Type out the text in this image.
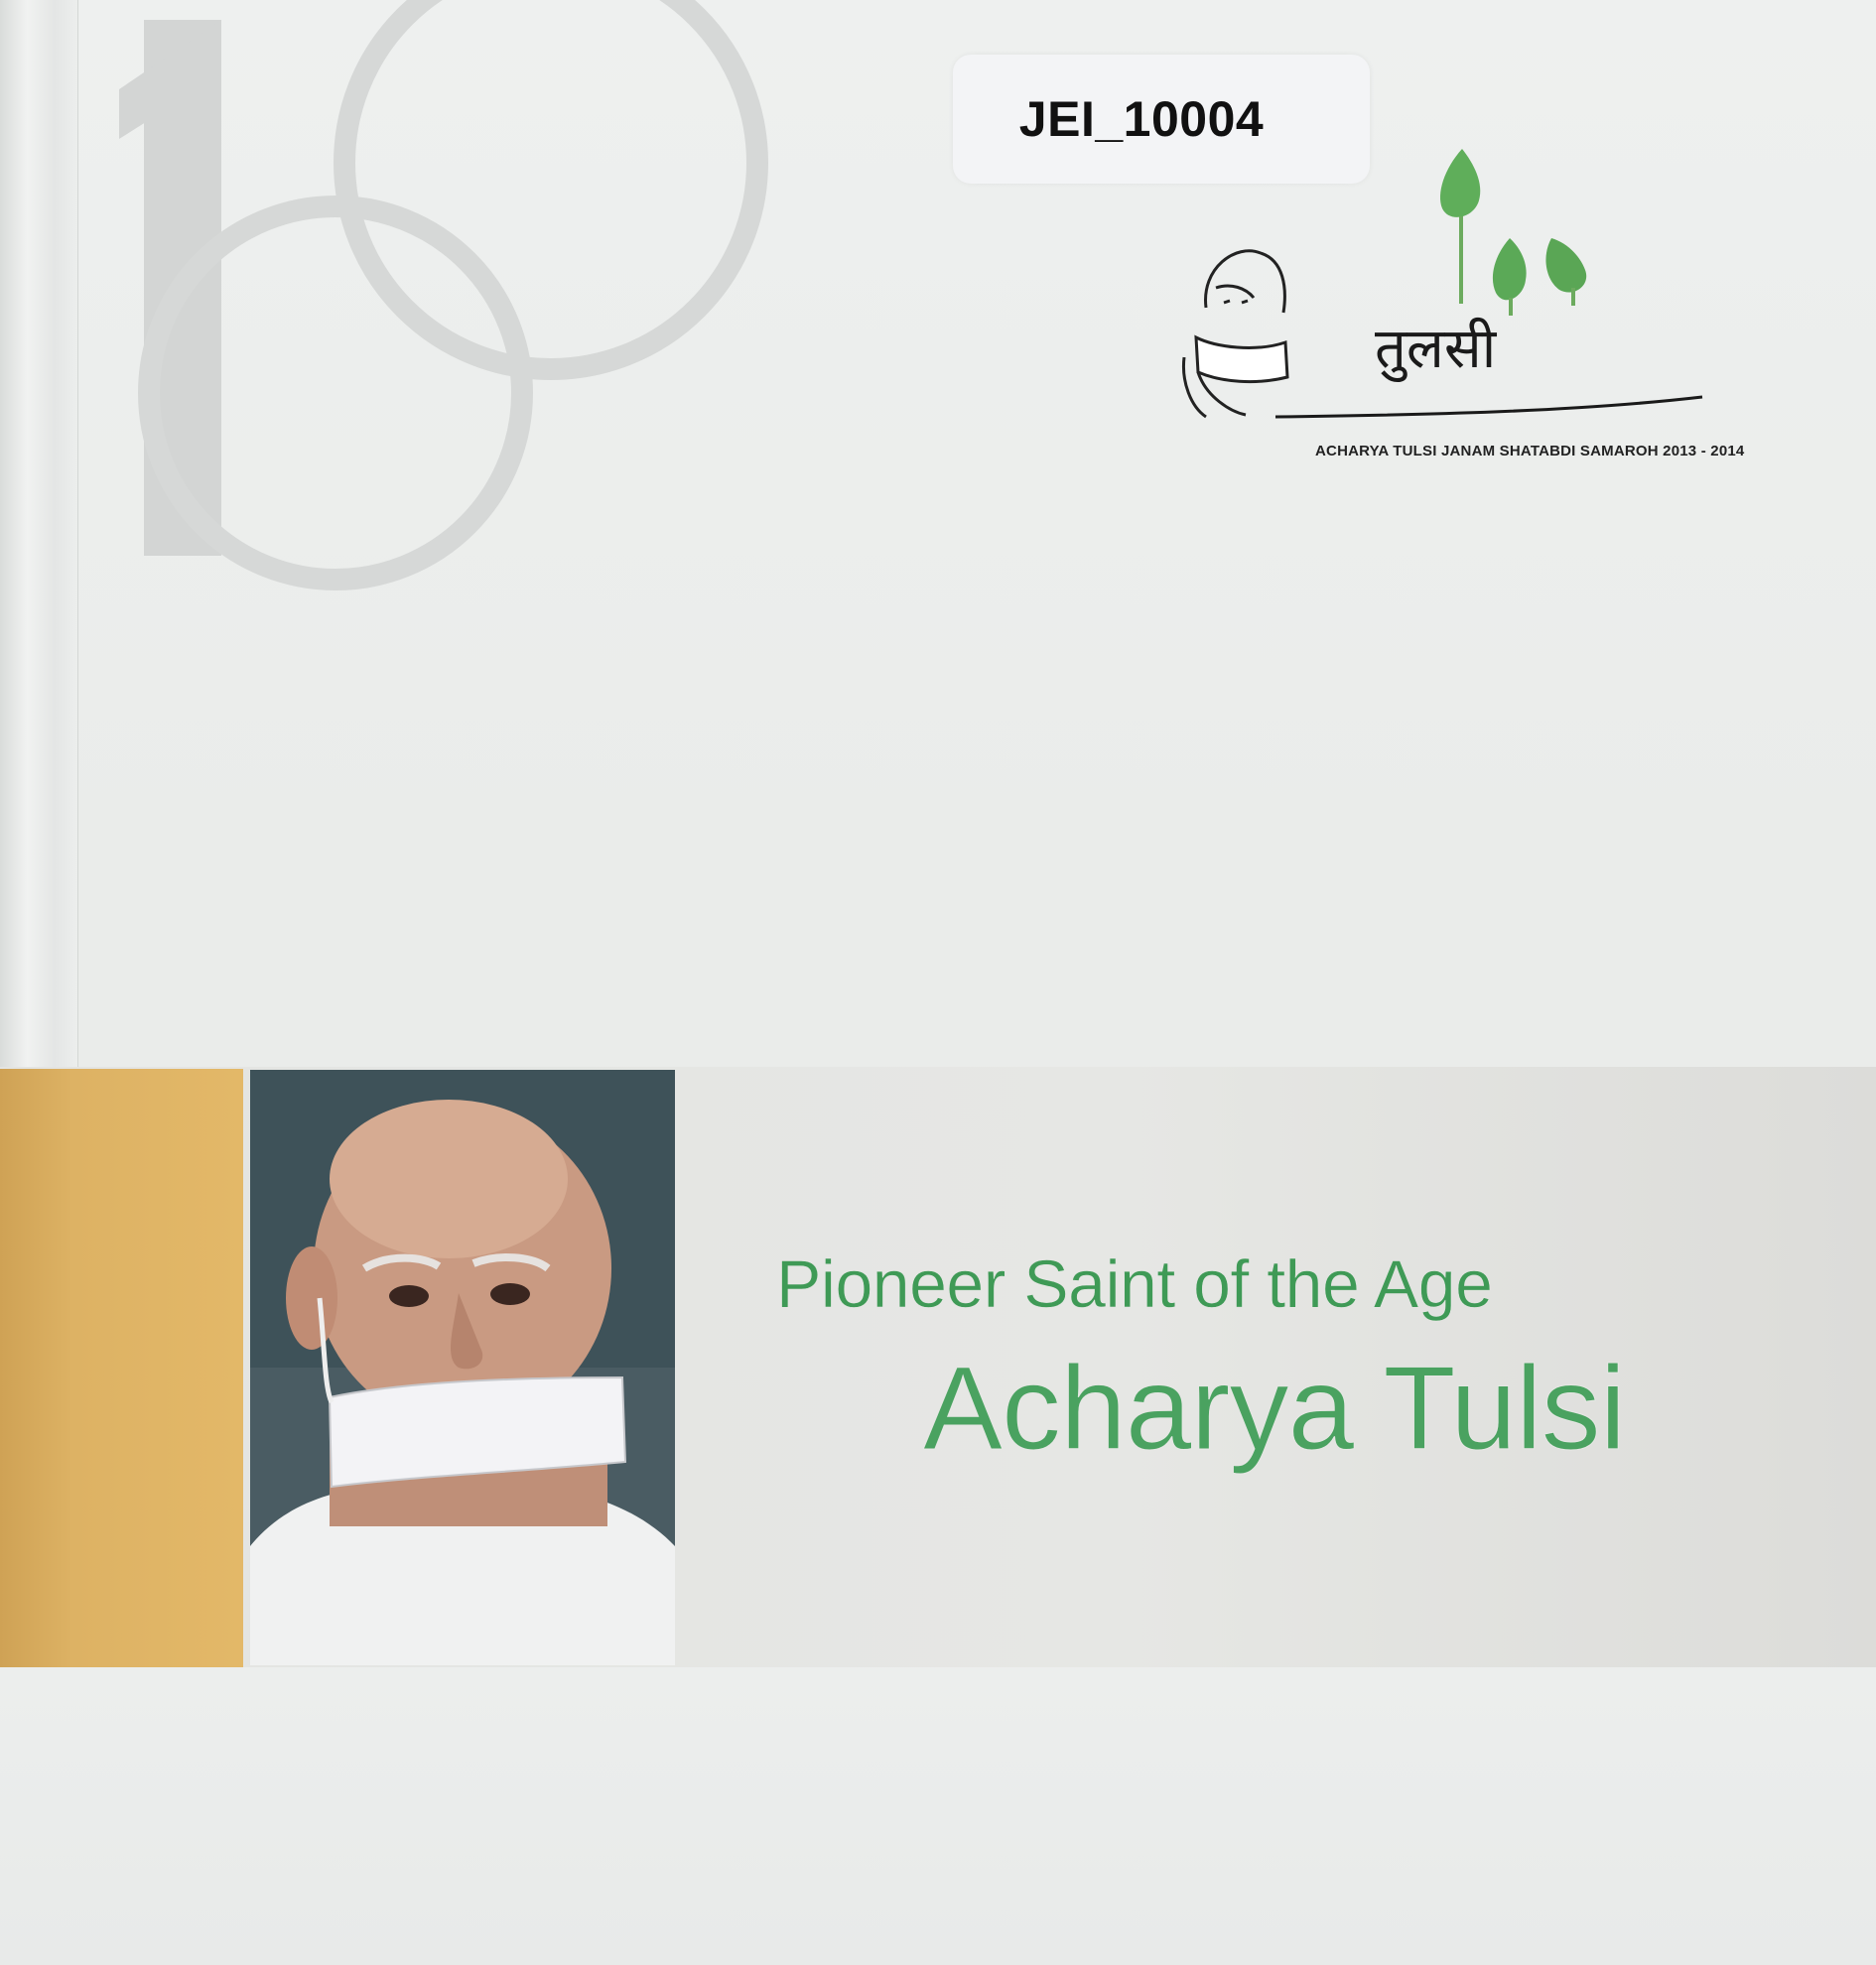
JEI_10004
तुलसी
ACHARYA TULSI JANAM SHATABDI SAMAROH 2013 - 2014
Pioneer Saint of the Age
Acharya Tulsi
